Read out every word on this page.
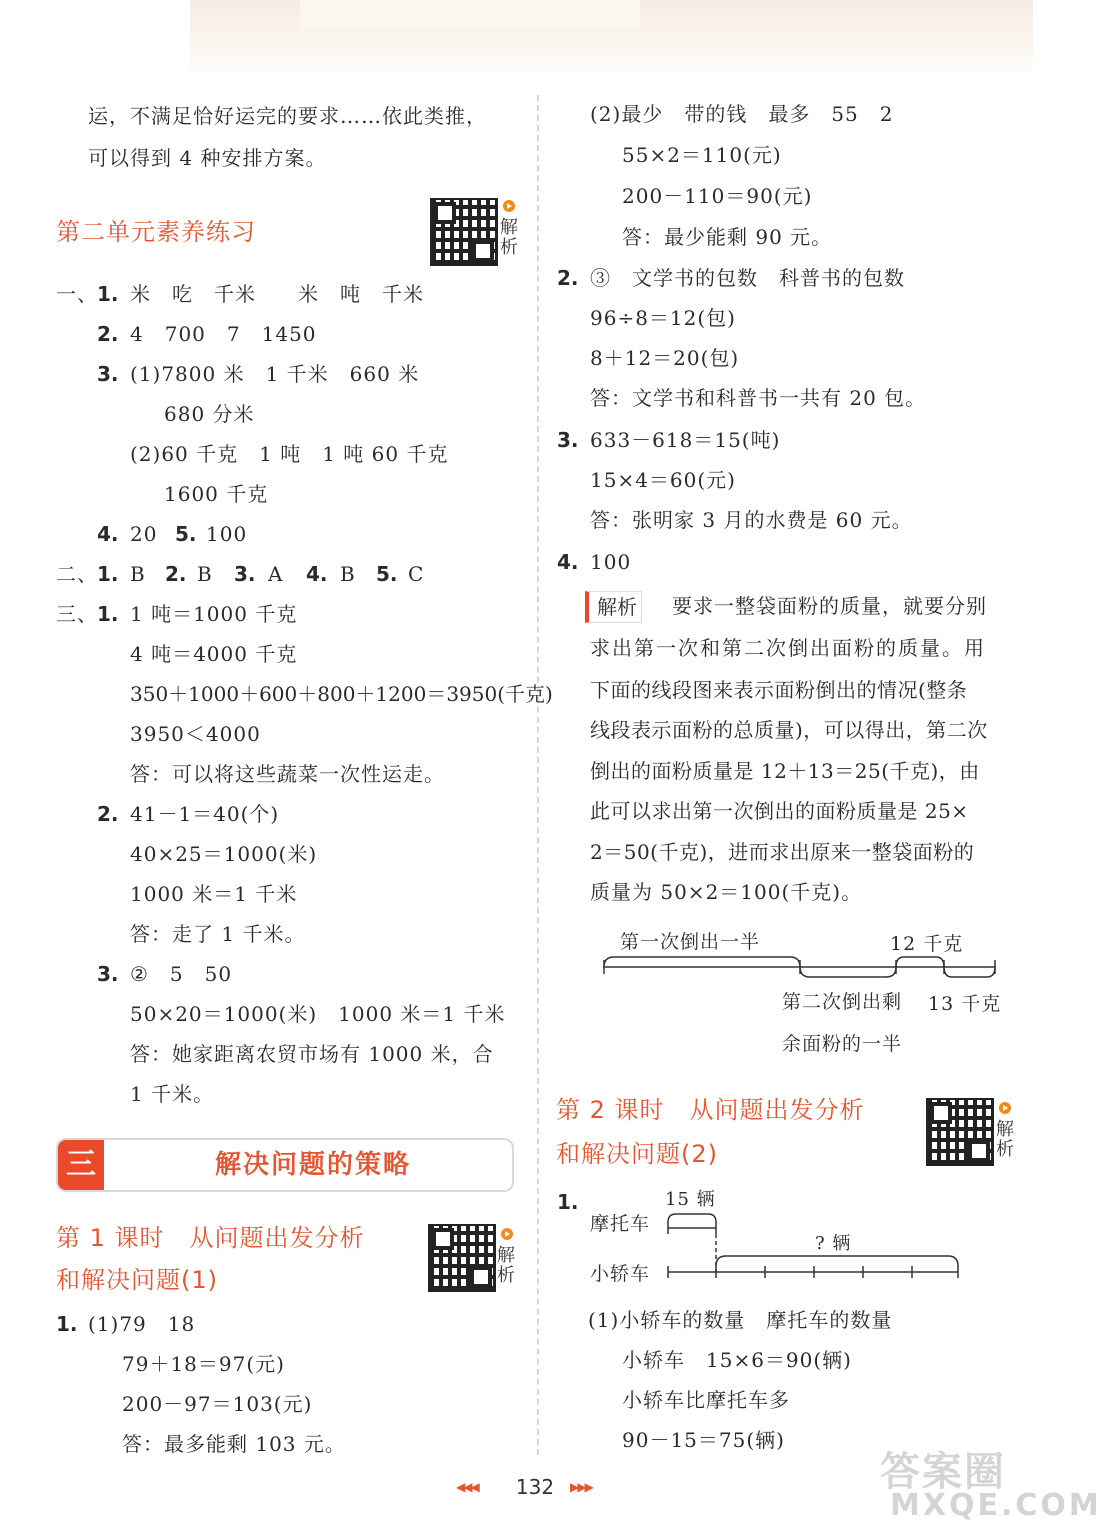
运，不满足恰好运完的要求……依此类推，
可以得到 4 种安排方案。
第二单元素养练习	解析
一、 1. 米　吃　千米　　米　吨　千米
2. 4　700　7　1450
3. (1)7800 米　1 千米　660 米
680 分米
(2)60 千克　1 吨　1 吨 60 千克
1600 千克
4. 20 5. 100
二、 1. B 2. B 3. A 4. B 5. C
三、 1. 1 吨＝1000 千克
4 吨＝4000 千克
350＋1000＋600＋800＋1200＝3950(千克)
3950＜4000
答：可以将这些蔬菜一次性运走。
2. 41－1＝40(个)
40×25＝1000(米)
1000 米＝1 千米
答：走了 1 千米。
3. ②　5　50
50×20＝1000(米)　1000 米＝1 千米
答：她家距离农贸市场有 1000 米，合
1 千米。
三	解决问题的策略
第 1 课时　从问题出发分析
和解决问题(1)
解析
1. (1)79　18
79＋18＝97(元)
200－97＝103(元)
答：最多能剩 103 元。
(2)最少　带的钱　最多　55　2
55×2＝110(元)
200－110＝90(元)
答：最少能剩 90 元。
2. ③　文学书的包数　科普书的包数
96÷8＝12(包)
8＋12＝20(包)
答：文学书和科普书一共有 20 包。
3. 633－618＝15(吨)
15×4＝60(元)
答：张明家 3 月的水费是 60 元。
4. 100
解析 要求一整袋面粉的质量，就要分别
求出第一次和第二次倒出面粉的质量。用
下面的线段图来表示面粉倒出的情况(整条
线段表示面粉的总质量)，可以得出，第二次
倒出的面粉质量是 12＋13＝25(千克)，由
此可以求出第一次倒出的面粉质量是 25×
2＝50(千克)，进而求出原来一整袋面粉的
质量为 50×2＝100(千克)。
第一次倒出一半	12 千克
第二次倒出剩 13 千克
余面粉的一半
第 2 课时　从问题出发分析
和解决问题(2)
解析
1.	15 辆
摩托车
? 辆
小轿车
(1)小轿车的数量　摩托车的数量
小轿车　15×6＝90(辆)
小轿车比摩托车多
90－15＝75(辆)
◀◀◀	132	▶▶▶	答案圈
MXQE.COM
